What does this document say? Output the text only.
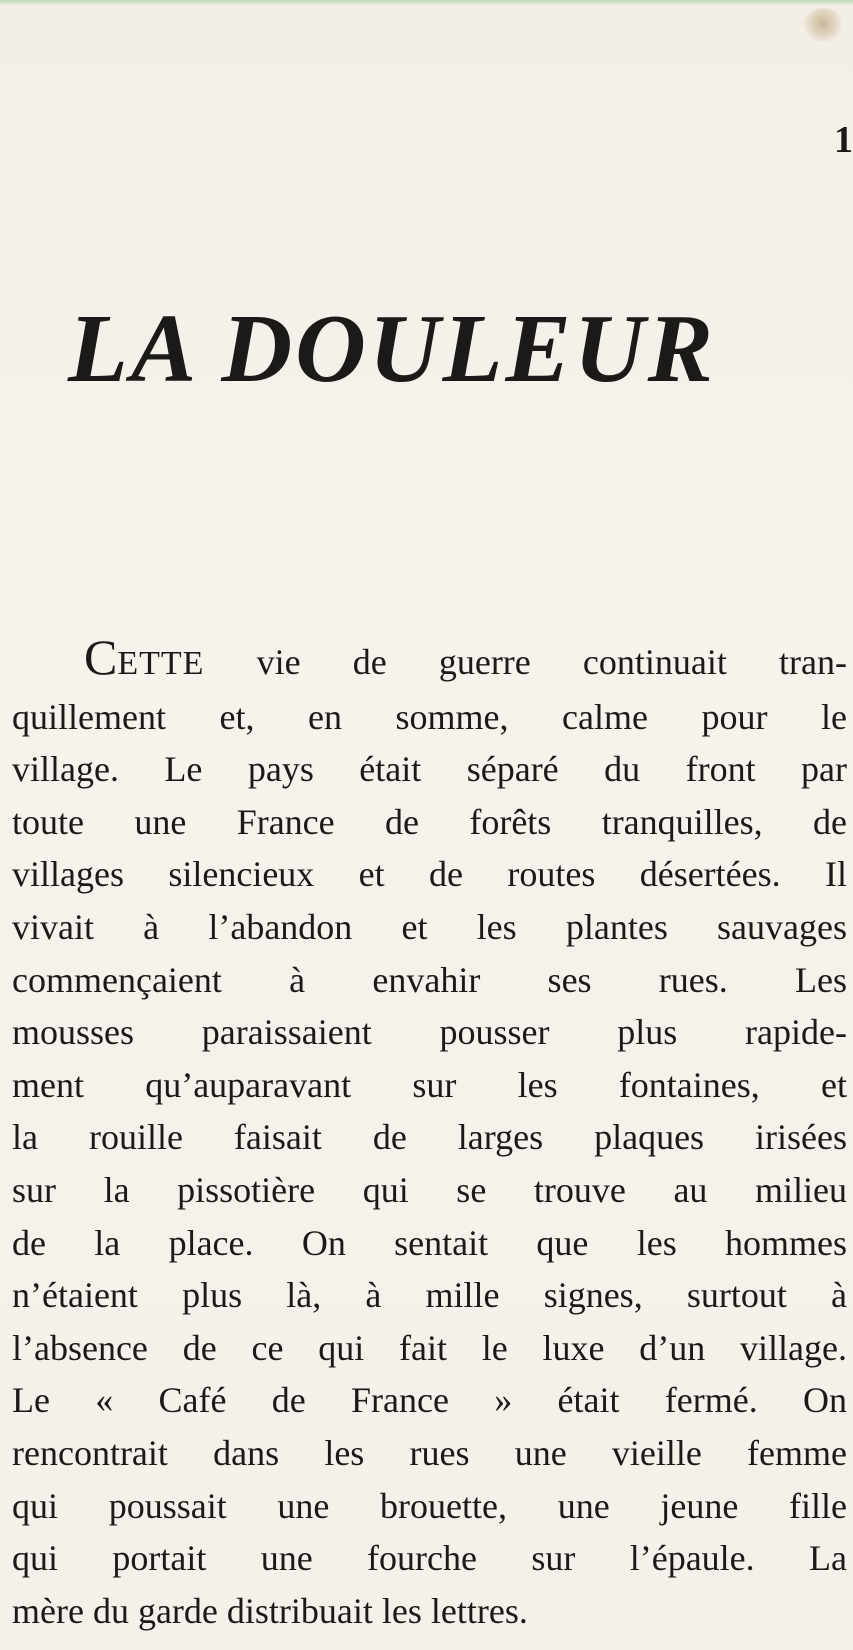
1
LA DOULEUR
CETTE vie de guerre continuait tran-
quillement et, en somme, calme pour le
village. Le pays était séparé du front par
toute une France de forêts tranquilles, de
villages silencieux et de routes désertées. Il
vivait à l’abandon et les plantes sauvages
commençaient à envahir ses rues. Les
mousses paraissaient pousser plus rapide-
ment qu’auparavant sur les fontaines, et
la rouille faisait de larges plaques irisées
sur la pissotière qui se trouve au milieu
de la place. On sentait que les hommes
n’étaient plus là, à mille signes, surtout à
l’absence de ce qui fait le luxe d’un village.
Le « Café de France » était fermé. On
rencontrait dans les rues une vieille femme
qui poussait une brouette, une jeune fille
qui portait une fourche sur l’épaule. La
mère du garde distribuait les lettres.
